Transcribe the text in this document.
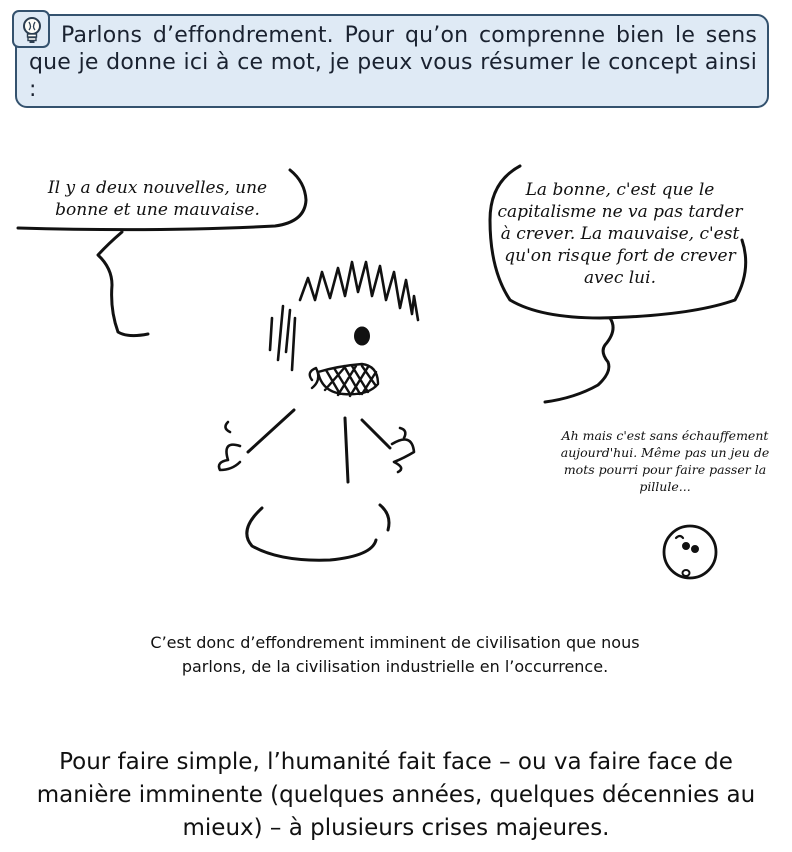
Parlons d’effondrement. Pour qu’on comprenne bien le sens que je donne ici à ce mot, je peux vous résumer le concept ainsi :

Il y a deux nouvelles, une bonne et une mauvaise.

La bonne, c'est que le capitalisme ne va pas tarder à crever. La mauvaise, c'est qu'on risque fort de crever avec lui.

Ah mais c'est sans échauffement aujourd'hui. Même pas un jeu de mots pourri pour faire passer la pillule...

C’est donc d’effondrement imminent de civilisation que nous parlons, de la civilisation industrielle en l’occurrence.

Pour faire simple, l’humanité fait face – ou va faire face de manière imminente (quelques années, quelques décennies au mieux) – à plusieurs crises majeures.
